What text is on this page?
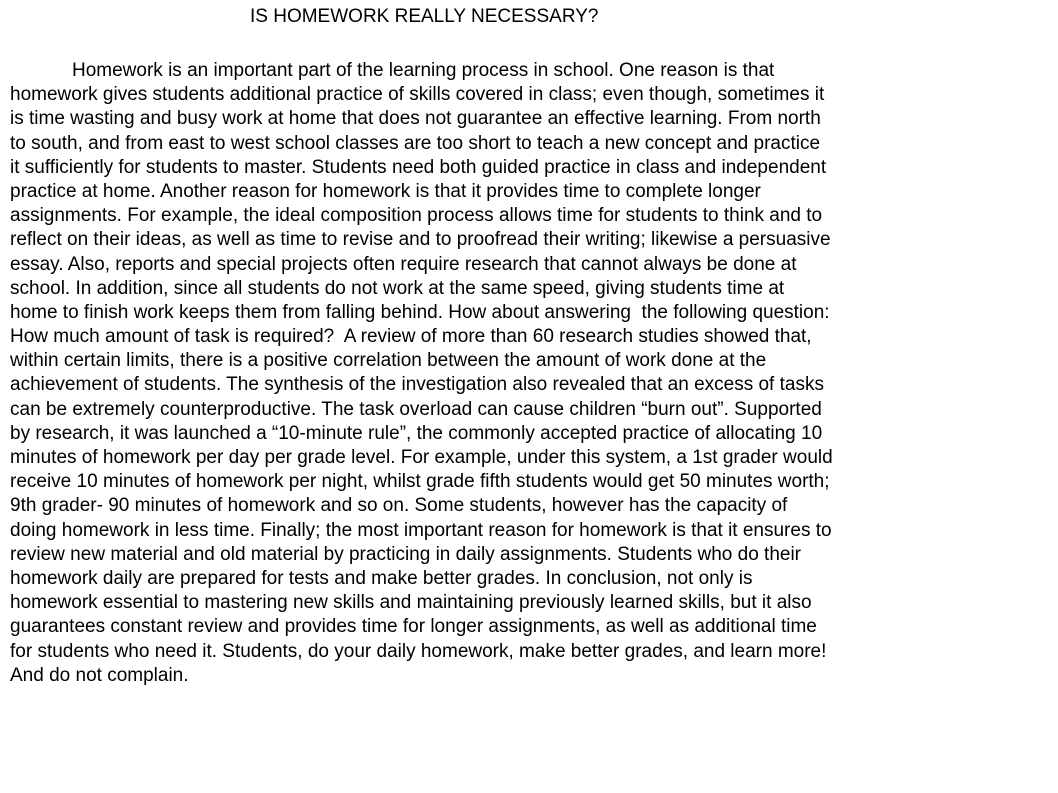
IS HOMEWORK REALLY NECESSARY?
Homework is an important part of the learning process in school. One reason is that
homework gives students additional practice of skills covered in class; even though, sometimes it
is time wasting and busy work at home that does not guarantee an effective learning. From north
to south, and from east to west school classes are too short to teach a new concept and practice
it sufficiently for students to master. Students need both guided practice in class and independent
practice at home. Another reason for homework is that it provides time to complete longer
assignments. For example, the ideal composition process allows time for students to think and to
reflect on their ideas, as well as time to revise and to proofread their writing; likewise a persuasive
essay. Also, reports and special projects often require research that cannot always be done at
school. In addition, since all students do not work at the same speed, giving students time at
home to finish work keeps them from falling behind. How about answering  the following question:
How much amount of task is required?  A review of more than 60 research studies showed that,
within certain limits, there is a positive correlation between the amount of work done at the
achievement of students. The synthesis of the investigation also revealed that an excess of tasks
can be extremely counterproductive. The task overload can cause children “burn out”. Supported
by research, it was launched a “10-minute rule”, the commonly accepted practice of allocating 10
minutes of homework per day per grade level. For example, under this system, a 1st grader would
receive 10 minutes of homework per night, whilst grade fifth students would get 50 minutes worth;
9th grader- 90 minutes of homework and so on. Some students, however has the capacity of
doing homework in less time. Finally; the most important reason for homework is that it ensures to
review new material and old material by practicing in daily assignments. Students who do their
homework daily are prepared for tests and make better grades. In conclusion, not only is
homework essential to mastering new skills and maintaining previously learned skills, but it also
guarantees constant review and provides time for longer assignments, as well as additional time
for students who need it. Students, do your daily homework, make better grades, and learn more!
And do not complain.
